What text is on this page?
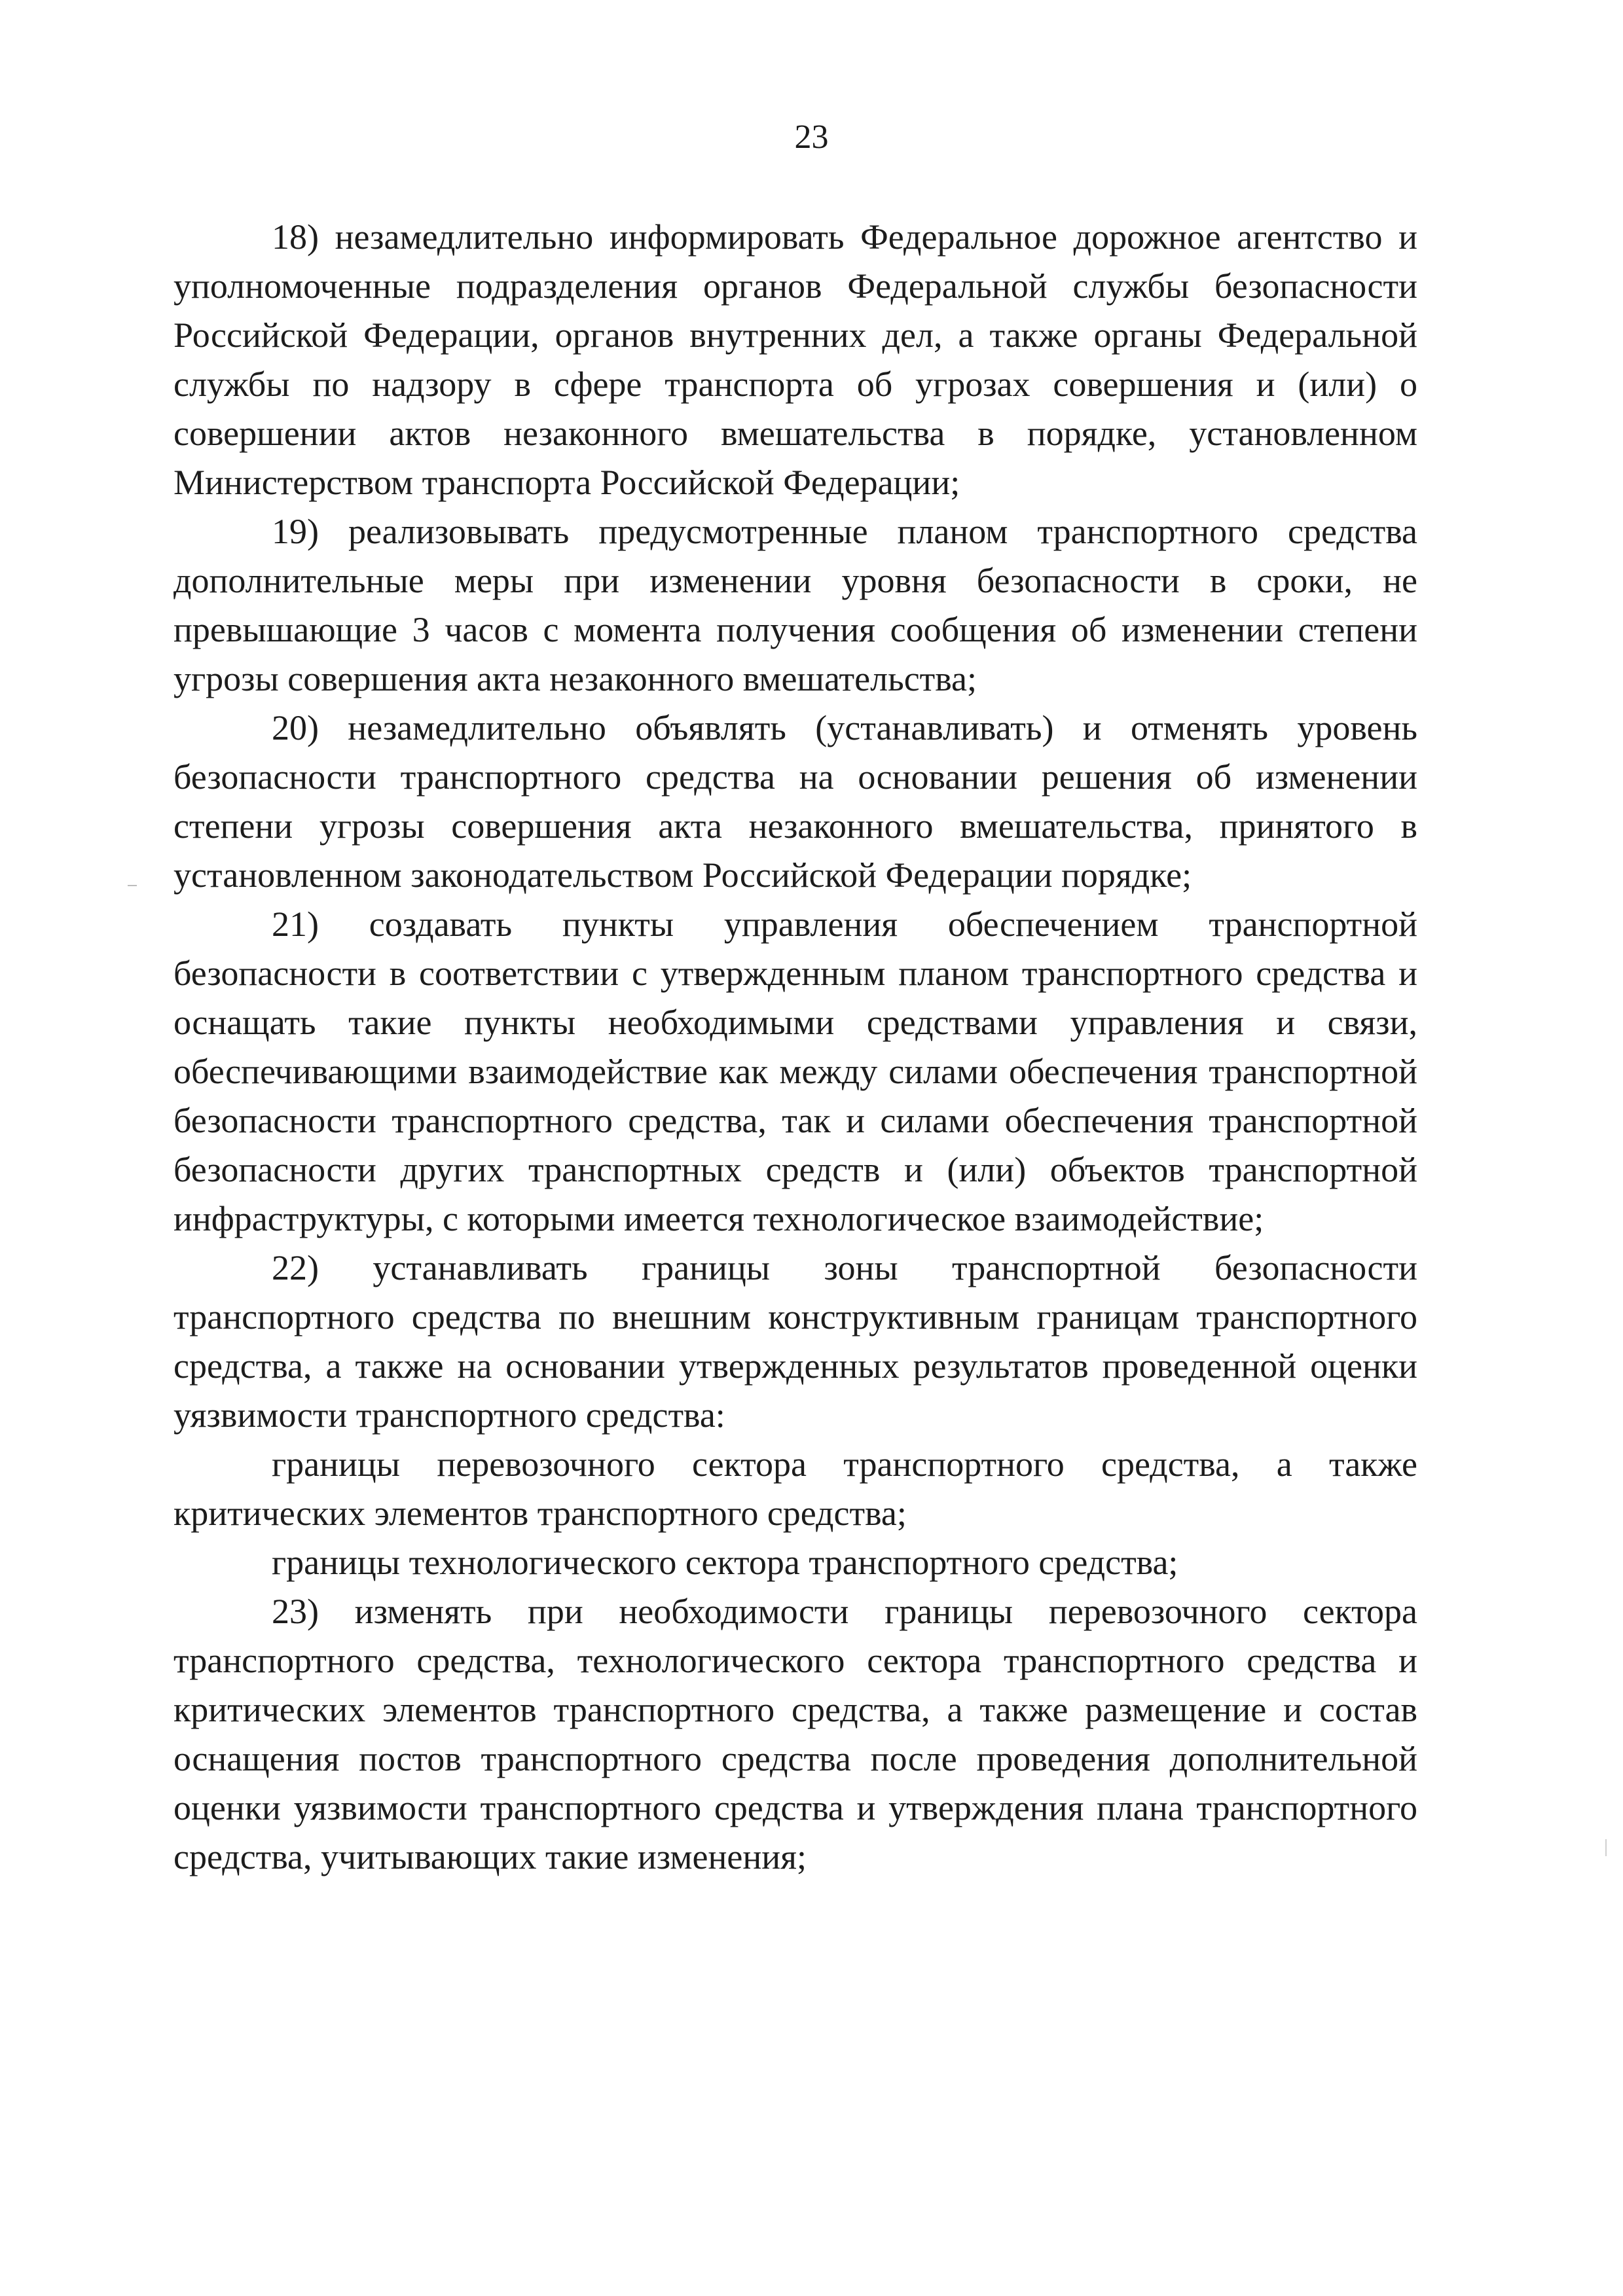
23

18) незамедлительно информировать Федеральное дорожное агентство и уполномоченные подразделения органов Федеральной службы безопасности Российской Федерации, органов внутренних дел, а также органы Федеральной службы по надзору в сфере транспорта об угрозах совершения и (или) о совершении актов незаконного вмешательства в порядке, установленном Министерством транспорта Российской Федерации;

19) реализовывать предусмотренные планом транспортного средства дополнительные меры при изменении уровня безопасности в сроки, не превышающие 3 часов с момента получения сообщения об изменении степени угрозы совершения акта незаконного вмешательства;

20) незамедлительно объявлять (устанавливать) и отменять уровень безопасности транспортного средства на основании решения об изменении степени угрозы совершения акта незаконного вмешательства, принятого в установленном законодательством Российской Федерации порядке;

21) создавать пункты управления обеспечением транспортной безопасности в соответствии с утвержденным планом транспортного средства и оснащать такие пункты необходимыми средствами управления и связи, обеспечивающими взаимодействие как между силами обеспечения транспортной безопасности транспортного средства, так и силами обеспечения транспортной безопасности других транспортных средств и (или) объектов транспортной инфраструктуры, с которыми имеется технологическое взаимодействие;

22) устанавливать границы зоны транспортной безопасности транспортного средства по внешним конструктивным границам транспортного средства, а также на основании утвержденных результатов проведенной оценки уязвимости транспортного средства:

границы перевозочного сектора транспортного средства, а также критических элементов транспортного средства;

границы технологического сектора транспортного средства;

23) изменять при необходимости границы перевозочного сектора транспортного средства, технологического сектора транспортного средства и критических элементов транспортного средства, а также размещение и состав оснащения постов транспортного средства после проведения дополнительной оценки уязвимости транспортного средства и утверждения плана транспортного средства, учитывающих такие изменения;
